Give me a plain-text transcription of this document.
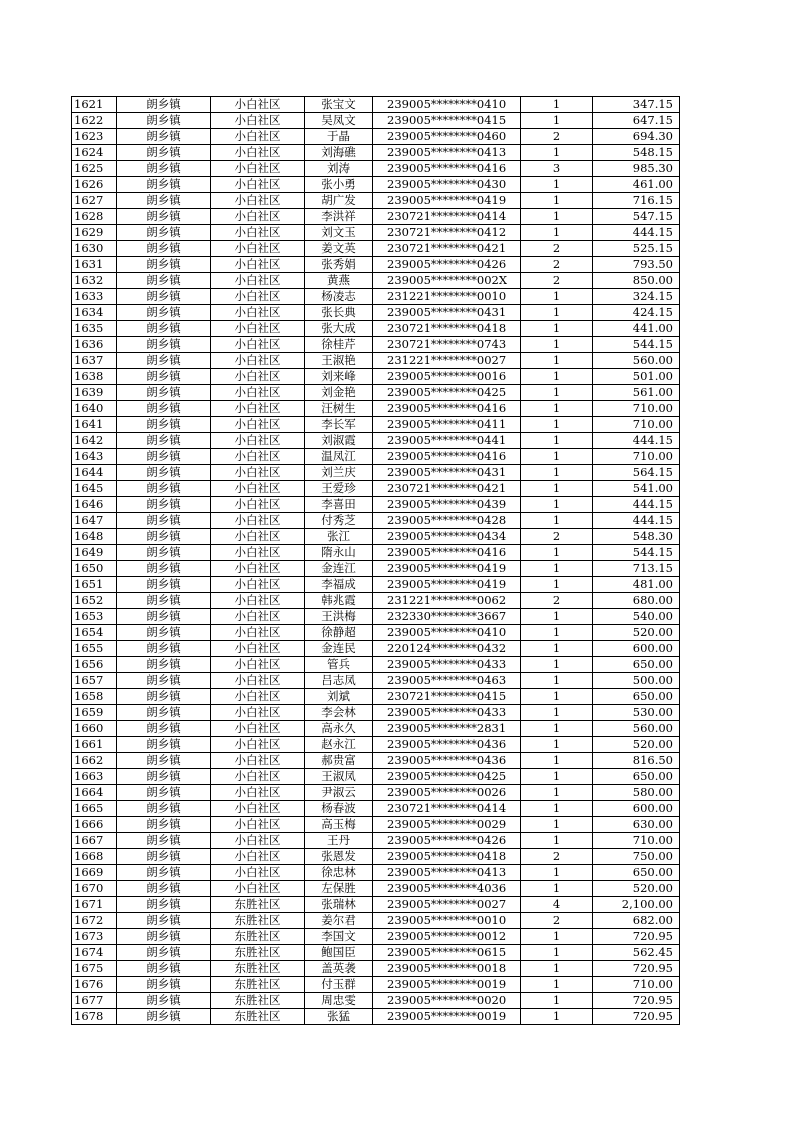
1621	朗乡镇	小白社区	张宝文	239005********0410	1	347.15
1622	朗乡镇	小白社区	吴凤文	239005********0415	1	647.15
1623	朗乡镇	小白社区	于晶	239005********0460	2	694.30
1624	朗乡镇	小白社区	刘海礁	239005********0413	1	548.15
1625	朗乡镇	小白社区	刘涛	239005********0416	3	985.30
1626	朗乡镇	小白社区	张小勇	239005********0430	1	461.00
1627	朗乡镇	小白社区	胡广发	239005********0419	1	716.15
1628	朗乡镇	小白社区	李洪祥	230721********0414	1	547.15
1629	朗乡镇	小白社区	刘文玉	230721********0412	1	444.15
1630	朗乡镇	小白社区	姜文英	230721********0421	2	525.15
1631	朗乡镇	小白社区	张秀娟	239005********0426	2	793.50
1632	朗乡镇	小白社区	黄燕	239005********002X	2	850.00
1633	朗乡镇	小白社区	杨凌志	231221********0010	1	324.15
1634	朗乡镇	小白社区	张长典	239005********0431	1	424.15
1635	朗乡镇	小白社区	张大成	230721********0418	1	441.00
1636	朗乡镇	小白社区	徐桂芹	230721********0743	1	544.15
1637	朗乡镇	小白社区	王淑艳	231221********0027	1	560.00
1638	朗乡镇	小白社区	刘来峰	239005********0016	1	501.00
1639	朗乡镇	小白社区	刘金艳	239005********0425	1	561.00
1640	朗乡镇	小白社区	汪树生	239005********0416	1	710.00
1641	朗乡镇	小白社区	李长军	239005********0411	1	710.00
1642	朗乡镇	小白社区	刘淑霞	239005********0441	1	444.15
1643	朗乡镇	小白社区	温凤江	239005********0416	1	710.00
1644	朗乡镇	小白社区	刘兰庆	239005********0431	1	564.15
1645	朗乡镇	小白社区	王爱珍	230721********0421	1	541.00
1646	朗乡镇	小白社区	李喜田	239005********0439	1	444.15
1647	朗乡镇	小白社区	付秀芝	239005********0428	1	444.15
1648	朗乡镇	小白社区	张江	239005********0434	2	548.30
1649	朗乡镇	小白社区	隋永山	239005********0416	1	544.15
1650	朗乡镇	小白社区	金连江	239005********0419	1	713.15
1651	朗乡镇	小白社区	李福成	239005********0419	1	481.00
1652	朗乡镇	小白社区	韩兆霞	231221********0062	2	680.00
1653	朗乡镇	小白社区	王洪梅	232330********3667	1	540.00
1654	朗乡镇	小白社区	徐静超	239005********0410	1	520.00
1655	朗乡镇	小白社区	金连民	220124********0432	1	600.00
1656	朗乡镇	小白社区	管兵	239005********0433	1	650.00
1657	朗乡镇	小白社区	吕志凤	239005********0463	1	500.00
1658	朗乡镇	小白社区	刘斌	230721********0415	1	650.00
1659	朗乡镇	小白社区	李会林	239005********0433	1	530.00
1660	朗乡镇	小白社区	高永久	239005********2831	1	560.00
1661	朗乡镇	小白社区	赵永江	239005********0436	1	520.00
1662	朗乡镇	小白社区	郝贵富	239005********0436	1	816.50
1663	朗乡镇	小白社区	王淑凤	239005********0425	1	650.00
1664	朗乡镇	小白社区	尹淑云	239005********0026	1	580.00
1665	朗乡镇	小白社区	杨春波	230721********0414	1	600.00
1666	朗乡镇	小白社区	高玉梅	239005********0029	1	630.00
1667	朗乡镇	小白社区	王丹	239005********0426	1	710.00
1668	朗乡镇	小白社区	张恩发	239005********0418	2	750.00
1669	朗乡镇	小白社区	徐忠林	239005********0413	1	650.00
1670	朗乡镇	小白社区	左保胜	239005********4036	1	520.00
1671	朗乡镇	东胜社区	张瑞林	239005********0027	4	2,100.00
1672	朗乡镇	东胜社区	姜尔君	239005********0010	2	682.00
1673	朗乡镇	东胜社区	李国文	239005********0012	1	720.95
1674	朗乡镇	东胜社区	鲍国臣	239005********0615	1	562.45
1675	朗乡镇	东胜社区	盖英袭	239005********0018	1	720.95
1676	朗乡镇	东胜社区	付玉群	239005********0019	1	710.00
1677	朗乡镇	东胜社区	周忠雯	239005********0020	1	720.95
1678	朗乡镇	东胜社区	张猛	239005********0019	1	720.95
